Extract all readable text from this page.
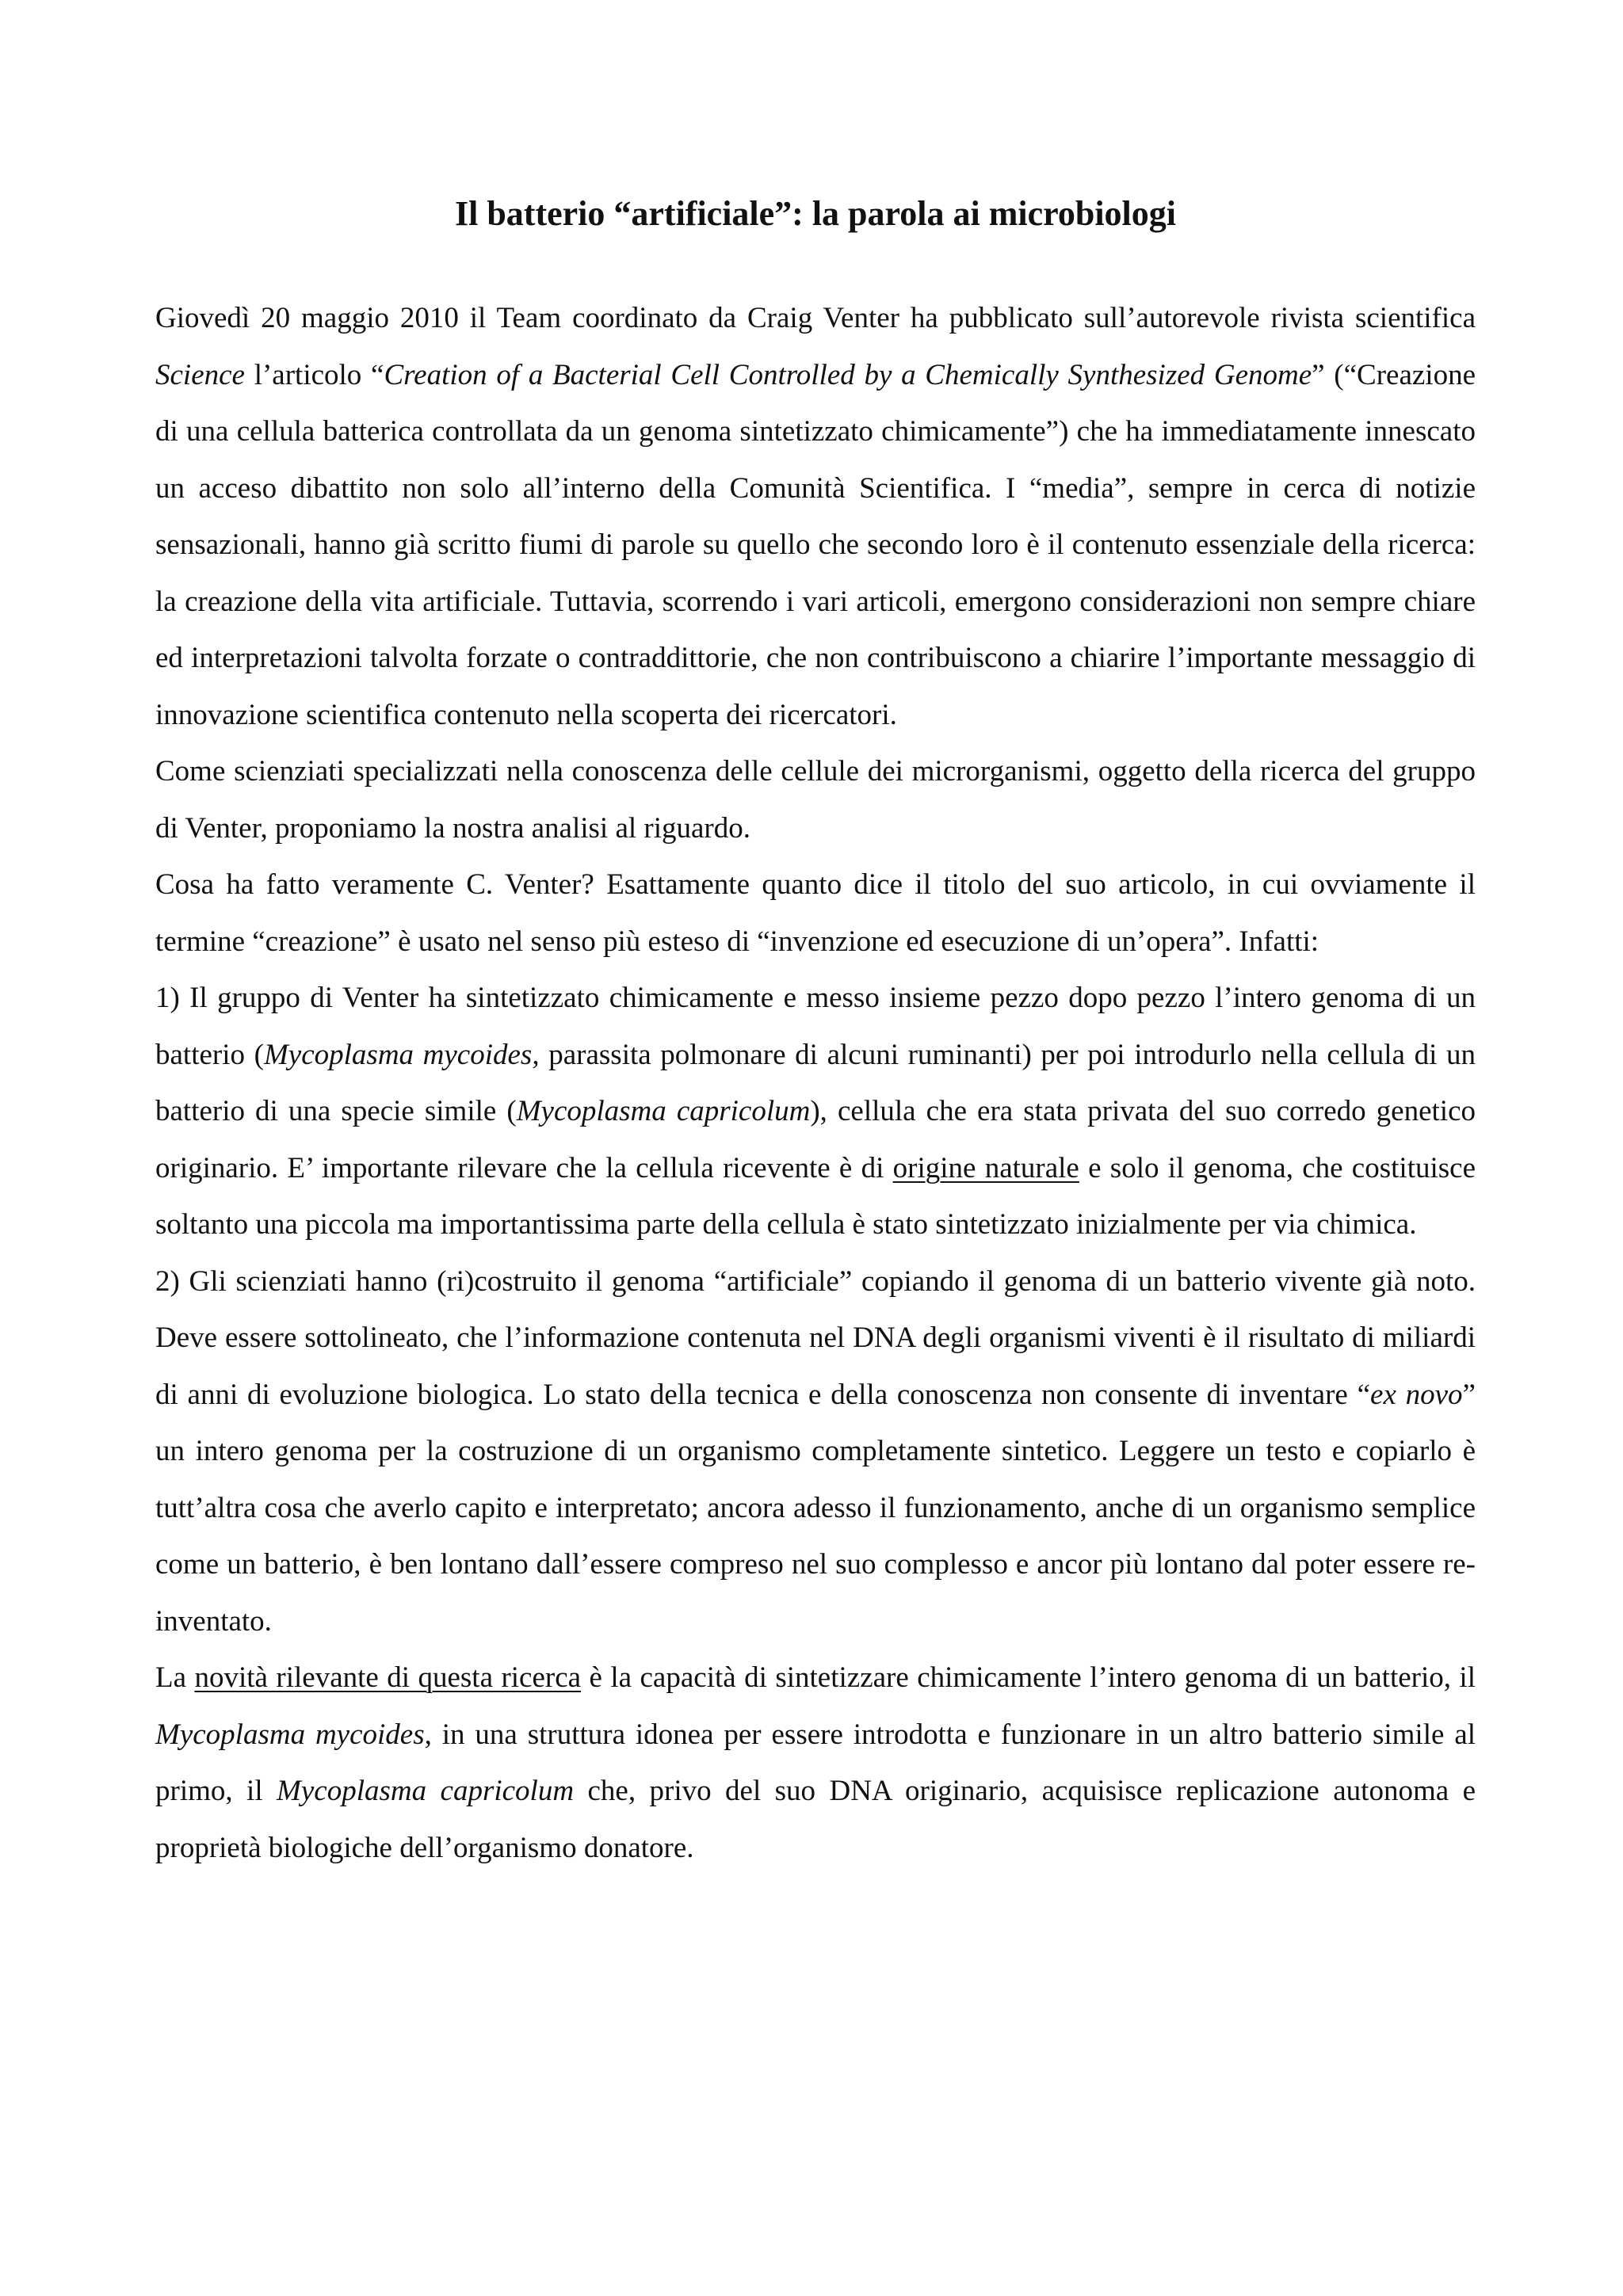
Il batterio “artificiale”: la parola ai microbiologi

Giovedì 20 maggio 2010 il Team coordinato da Craig Venter ha pubblicato sull’autorevole rivista scientifica Science l’articolo “Creation of a Bacterial Cell Controlled by a Chemically Synthesized Genome” (“Creazione di una cellula batterica controllata da un genoma sintetizzato chimicamente”) che ha immediatamente innescato un acceso dibattito non solo all’interno della Comunità Scientifica. I “media”, sempre in cerca di notizie sensazionali, hanno già scritto fiumi di parole su quello che secondo loro è il contenuto essenziale della ricerca: la creazione della vita artificiale. Tuttavia, scorrendo i vari articoli, emergono considerazioni non sempre chiare ed interpretazioni talvolta forzate o contraddittorie, che non contribuiscono a chiarire l’importante messaggio di innovazione scientifica contenuto nella scoperta dei ricercatori.

Come scienziati specializzati nella conoscenza delle cellule dei microrganismi, oggetto della ricerca del gruppo di Venter, proponiamo la nostra analisi al riguardo.

Cosa ha fatto veramente C. Venter? Esattamente quanto dice il titolo del suo articolo, in cui ovviamente il termine “creazione” è usato nel senso più esteso di “invenzione ed esecuzione di un’opera”. Infatti:

1) Il gruppo di Venter ha sintetizzato chimicamente e messo insieme pezzo dopo pezzo l’intero genoma di un batterio (Mycoplasma mycoides, parassita polmonare di alcuni ruminanti) per poi introdurlo nella cellula di un batterio di una specie simile (Mycoplasma capricolum), cellula che era stata privata del suo corredo genetico originario. E’ importante rilevare che la cellula ricevente è di origine naturale e solo il genoma, che costituisce soltanto una piccola ma importantissima parte della cellula è stato sintetizzato inizialmente per via chimica.

2) Gli scienziati hanno (ri)costruito il genoma “artificiale” copiando il genoma di un batterio vivente già noto. Deve essere sottolineato, che l’informazione contenuta nel DNA degli organismi viventi è il risultato di miliardi di anni di evoluzione biologica. Lo stato della tecnica e della conoscenza non consente di inventare “ex novo” un intero genoma per la costruzione di un organismo completamente sintetico. Leggere un testo e copiarlo è tutt’altra cosa che averlo capito e interpretato; ancora adesso il funzionamento, anche di un organismo semplice come un batterio, è ben lontano dall’essere compreso nel suo complesso e ancor più lontano dal poter essere re-inventato.

La novità rilevante di questa ricerca è la capacità di sintetizzare chimicamente l’intero genoma di un batterio, il Mycoplasma mycoides, in una struttura idonea per essere introdotta e funzionare in un altro batterio simile al primo, il Mycoplasma capricolum che, privo del suo DNA originario, acquisisce replicazione autonoma e proprietà biologiche dell’organismo donatore.
